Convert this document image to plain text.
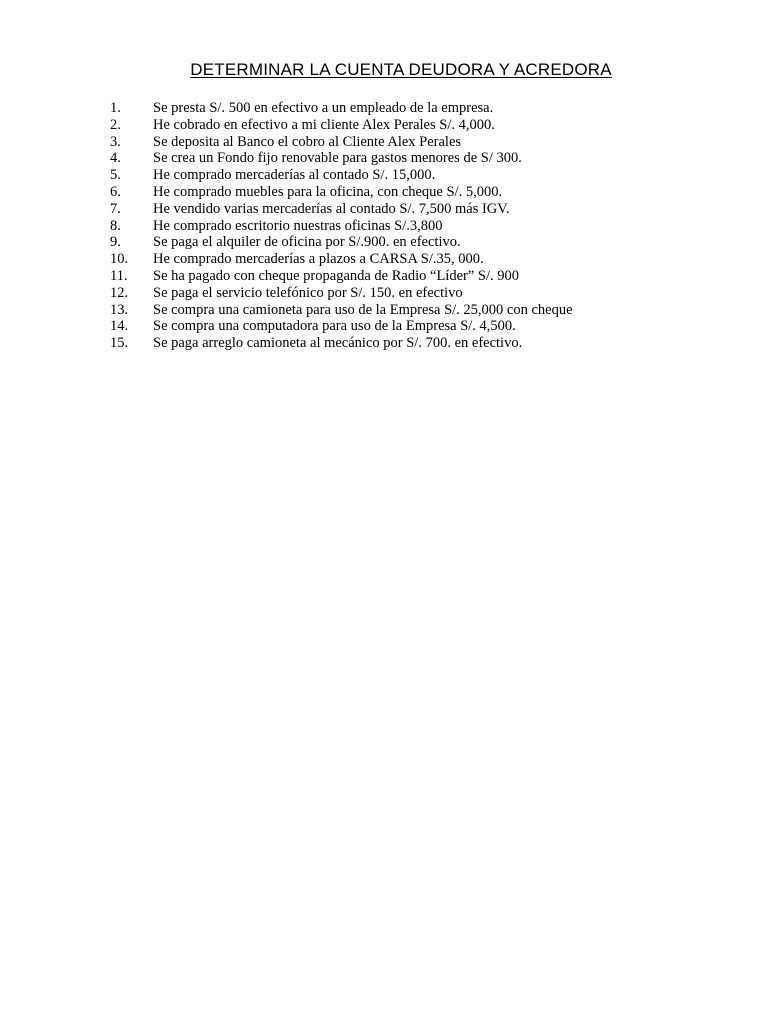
DETERMINAR LA CUENTA DEUDORA Y ACREDORA
1.	Se presta S/. 500 en efectivo a un empleado de la empresa.
2.	He cobrado en efectivo a mi cliente Alex Perales S/. 4,000.
3.	Se deposita al Banco el cobro al Cliente Alex Perales
4.	Se crea un Fondo fijo renovable para gastos menores de S/ 300.
5.	He comprado mercaderías al contado S/. 15,000.
6.	He comprado muebles para la oficina, con cheque S/. 5,000.
7.	He vendido varias mercaderías al contado S/. 7,500 más IGV.
8.	He comprado escritorio nuestras oficinas S/.3,800
9.	Se paga el alquiler de oficina por S/.900. en efectivo.
10.	He comprado mercaderías a plazos a CARSA S/.35, 000.
11.	Se ha pagado con cheque propaganda de Radio “Líder” S/. 900
12.	Se paga el servicio telefónico por S/. 150. en efectivo
13.	Se compra una camioneta para uso de la Empresa S/. 25,000 con cheque
14.	Se compra una computadora para uso de la Empresa S/. 4,500.
15.	Se paga arreglo camioneta al mecánico por S/. 700. en efectivo.
